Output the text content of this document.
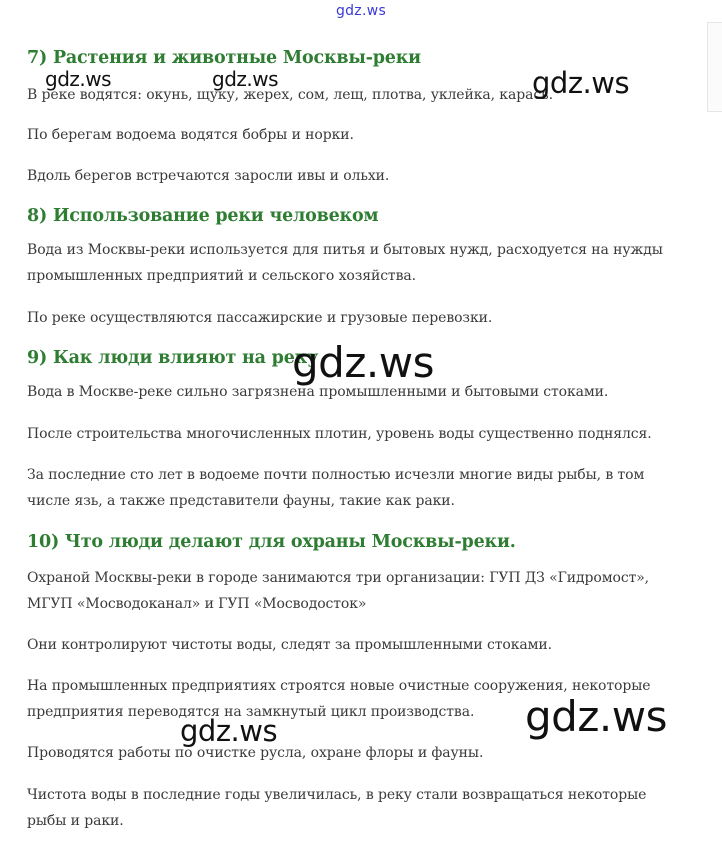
gdz.ws
7) Растения и животные Москвы-реки

В реке водятся: окунь, щуку, жерех, сом, лещ, плотва, уклейка, карась.

По берегам водоема водятся бобры и норки.

Вдоль берегов встречаются заросли ивы и ольхи.

8) Использование реки человеком

Вода из Москвы-реки используется для питья и бытовых нужд, расходуется на нужды промышленных предприятий и сельского хозяйства.

По реке осуществляются пассажирские и грузовые перевозки.

9) Как люди влияют на реку

Вода в Москве-реке сильно загрязнена промышленными и бытовыми стоками.

После строительства многочисленных плотин, уровень воды существенно поднялся.

За последние сто лет в водоеме почти полностью исчезли многие виды рыбы, в том числе язь, а также представители фауны, такие как раки.

10) Что люди делают для охраны Москвы-реки.

Охраной Москвы-реки в городе занимаются три организации: ГУП ДЗ «Гидромост», МГУП «Мосводоканал» и ГУП «Мосводосток»

Они контролируют чистоты воды, следят за промышленными стоками.

На промышленных предприятиях строятся новые очистные сооружения, некоторые предприятия переводятся на замкнутый цикл производства.

Проводятся работы по очистке русла, охране флоры и фауны.

Чистота воды в последние годы увеличилась, в реку стали возвращаться некоторые рыбы и раки.

gdz.ws	gdz.ws	gdz.ws
gdz.ws
gdz.ws
gdz.ws
